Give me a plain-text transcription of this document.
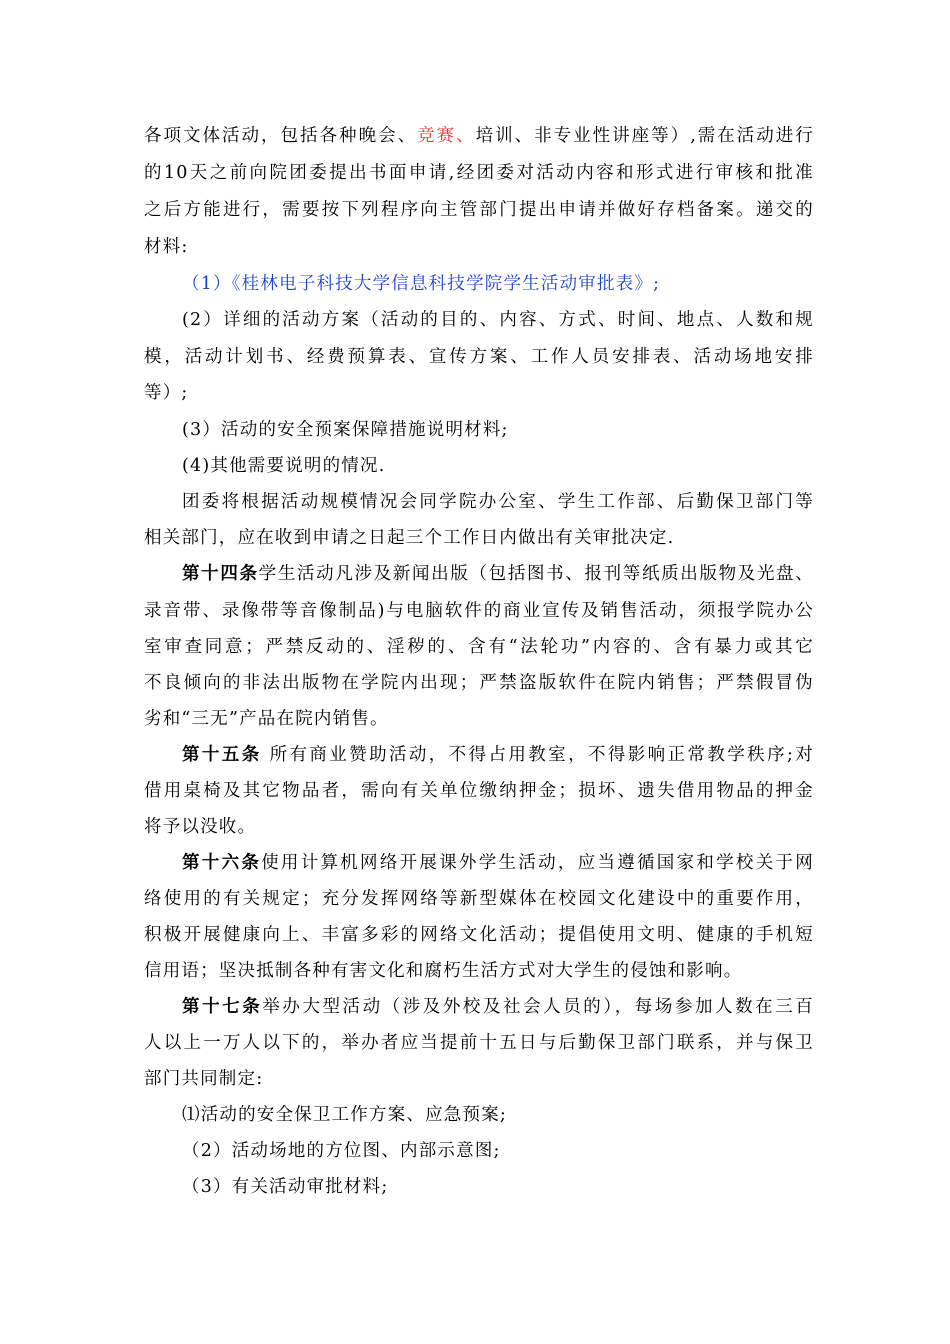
各项文体活动，包括各种晚会、竞赛、培训、非专业性讲座等）,需在活动进行
的10天之前向院团委提出书面申请,经团委对活动内容和形式进行审核和批准
之后方能进行，需要按下列程序向主管部门提出申请并做好存档备案。递交的
材料:
（1）《桂林电子科技大学信息科技学院学生活动审批表》;
(2）详细的活动方案（活动的目的、内容、方式、时间、地点、人数和规
模，活动计划书、经费预算表、宣传方案、工作人员安排表、活动场地安排
等）;
(3）活动的安全预案保障措施说明材料;
(4)其他需要说明的情况.
团委将根据活动规模情况会同学院办公室、学生工作部、后勤保卫部门等
相关部门，应在收到申请之日起三个工作日内做出有关审批决定.
第十四条学生活动凡涉及新闻出版（包括图书、报刊等纸质出版物及光盘、
录音带、录像带等音像制品)与电脑软件的商业宣传及销售活动，须报学院办公
室审查同意；严禁反动的、淫秽的、含有“法轮功”内容的、含有暴力或其它
不良倾向的非法出版物在学院内出现；严禁盗版软件在院内销售；严禁假冒伪
劣和“三无”产品在院内销售。
第十五条 所有商业赞助活动，不得占用教室，不得影响正常教学秩序;对
借用桌椅及其它物品者，需向有关单位缴纳押金；损坏、遗失借用物品的押金
将予以没收。
第十六条使用计算机网络开展课外学生活动，应当遵循国家和学校关于网
络使用的有关规定；充分发挥网络等新型媒体在校园文化建设中的重要作用，
积极开展健康向上、丰富多彩的网络文化活动；提倡使用文明、健康的手机短
信用语；坚决抵制各种有害文化和腐朽生活方式对大学生的侵蚀和影响。
第十七条举办大型活动（涉及外校及社会人员的），每场参加人数在三百
人以上一万人以下的，举办者应当提前十五日与后勤保卫部门联系，并与保卫
部门共同制定:
⑴活动的安全保卫工作方案、应急预案;
（2）活动场地的方位图、内部示意图;
（3）有关活动审批材料;
